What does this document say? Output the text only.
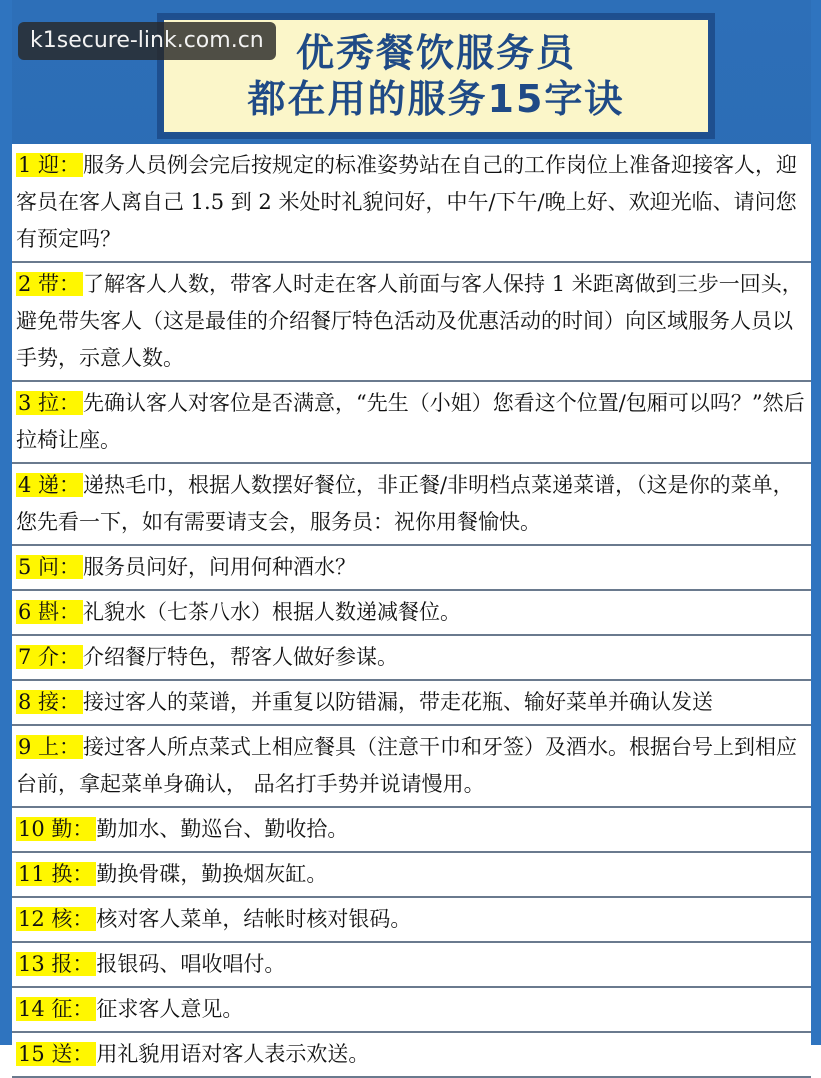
k1secure-link.com.cn 优秀餐饮服务员
都在用的服务15字诀
1 迎： 服务人员例会完后按规定的标准姿势站在自己的工作岗位上准备迎接客人，迎客员在客人离自己 1.5 到 2 米处时礼貌问好，中午/下午/晚上好、欢迎光临、请问您有预定吗？
2 带： 了解客人人数，带客人时走在客人前面与客人保持 1 米距离做到三步一回头，避免带失客人（这是最佳的介绍餐厅特色活动及优惠活动的时间）向区域服务人员以手势，示意人数。
3 拉： 先确认客人对客位是否满意，“先生（小姐）您看这个位置/包厢可以吗？”然后拉椅让座。
4 递： 递热毛巾，根据人数摆好餐位，非正餐/非明档点菜递菜谱，（这是你的菜单，您先看一下，如有需要请支会，服务员：祝你用餐愉快。
5 问： 服务员问好，问用何种酒水？
6 斟： 礼貌水（七茶八水）根据人数递减餐位。
7 介： 介绍餐厅特色，帮客人做好参谋。
8 接： 接过客人的菜谱，并重复以防错漏，带走花瓶、输好菜单并确认发送
9 上： 接过客人所点菜式上相应餐具（注意干巾和牙签）及酒水。根据台号上到相应台前，拿起菜单身确认， 品名打手势并说请慢用。
10 勤： 勤加水、勤巡台、勤收拾。
11 换： 勤换骨碟，勤换烟灰缸。
12 核： 核对客人菜单，结帐时核对银码。
13 报： 报银码、唱收唱付。
14 征： 征求客人意见。
15 送： 用礼貌用语对客人表示欢送。
